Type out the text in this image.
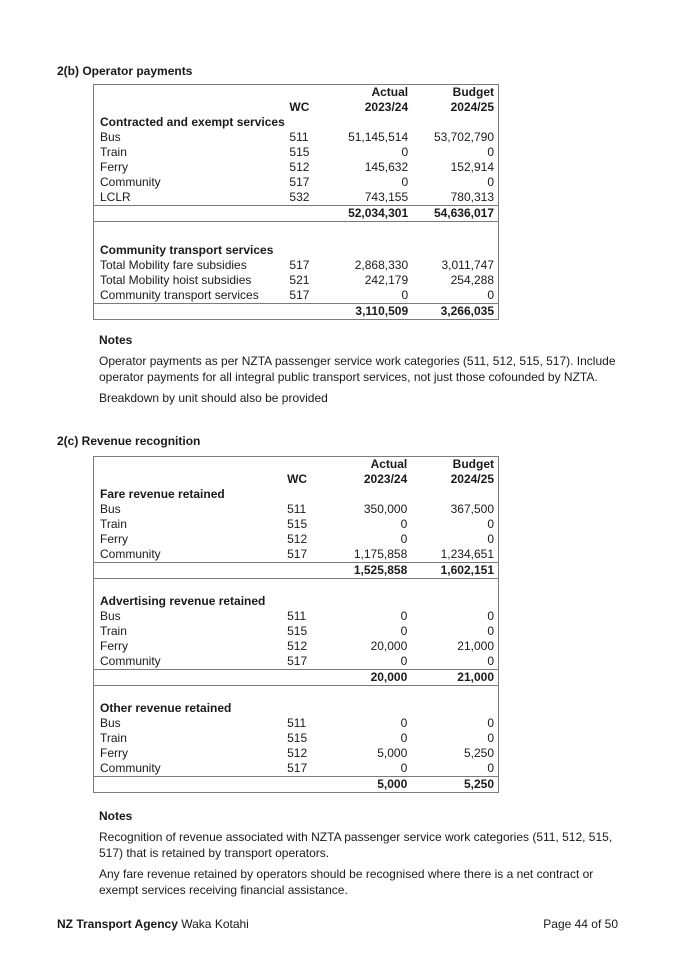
2(b) Operator payments
		Actual	Budget
	WC	2023/24	2024/25
Contracted and exempt services			
Bus	511	51,145,514	53,702,790
Train	515	0	0
Ferry	512	145,632	152,914
Community	517	0	0
LCLR	532	743,155	780,313
		52,034,301	54,636,017

Community transport services			
Total Mobility fare subsidies	517	2,868,330	3,011,747
Total Mobility hoist subsidies	521	242,179	254,288
Community transport services	517	0	0
		3,110,509	3,266,035
Notes
Operator payments as per NZTA passenger service work categories (511, 512, 515, 517). Include operator payments for all integral public transport services, not just those cofounded by NZTA.
Breakdown by unit should also be provided
2(c) Revenue recognition
		Actual	Budget
	WC	2023/24	2024/25
Fare revenue retained			
Bus	511	350,000	367,500
Train	515	0	0
Ferry	512	0	0
Community	517	1,175,858	1,234,651
		1,525,858	1,602,151

Advertising revenue retained			
Bus	511	0	0
Train	515	0	0
Ferry	512	20,000	21,000
Community	517	0	0
		20,000	21,000

Other revenue retained			
Bus	511	0	0
Train	515	0	0
Ferry	512	5,000	5,250
Community	517	0	0
		5,000	5,250
Notes
Recognition of revenue associated with NZTA passenger service work categories (511, 512, 515, 517) that is retained by transport operators.
Any fare revenue retained by operators should be recognised where there is a net contract or exempt services receiving financial assistance.
NZ Transport Agency Waka Kotahi	Page 44 of 50
